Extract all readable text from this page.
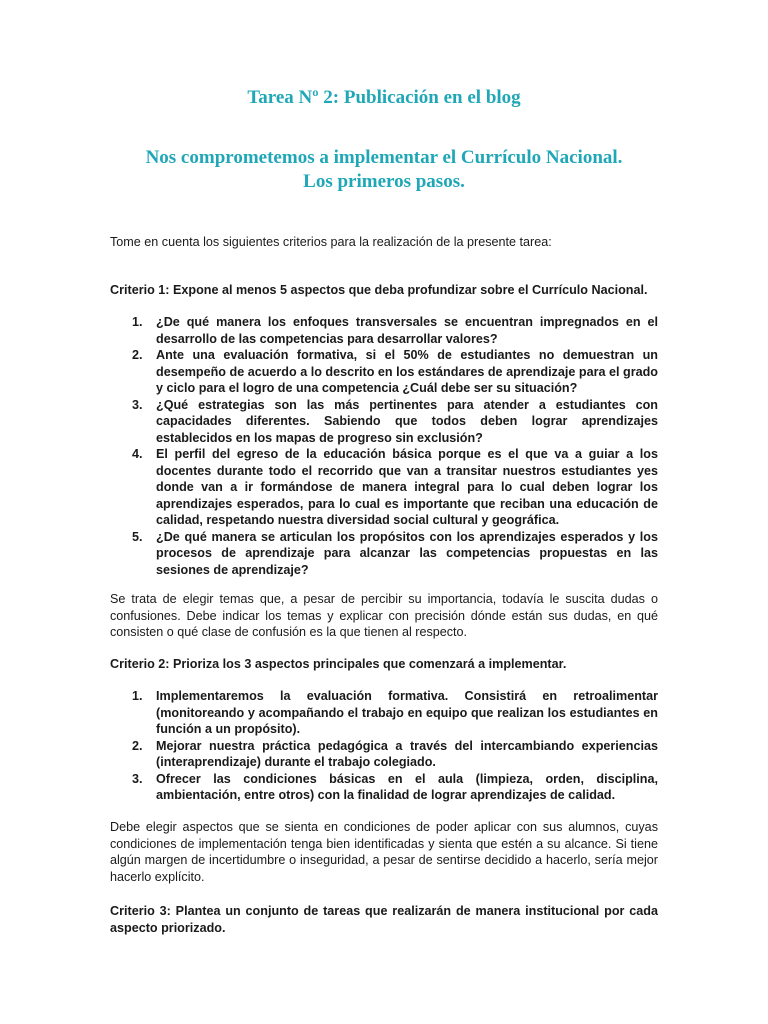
Tarea Nº 2: Publicación en el blog
Nos comprometemos a implementar el Currículo Nacional.
Los primeros pasos.
Tome en cuenta los siguientes criterios para la realización de la presente tarea:
Criterio 1: Expone al menos 5 aspectos que deba profundizar sobre el Currículo Nacional.
1. ¿De qué manera los enfoques transversales se encuentran impregnados en el desarrollo de las competencias para desarrollar valores?
2. Ante una evaluación formativa, si el 50% de estudiantes no demuestran un desempeño de acuerdo a lo descrito en los estándares de aprendizaje para el grado y ciclo para el logro de una competencia ¿Cuál debe ser su situación?
3. ¿Qué estrategias son las más pertinentes para atender a estudiantes con capacidades diferentes. Sabiendo que todos deben lograr aprendizajes establecidos en los mapas de progreso sin exclusión?
4. El perfil del egreso de la educación básica porque es el que va a guiar a los docentes durante todo el recorrido que van a transitar nuestros estudiantes yes donde van a ir formándose de manera integral para lo cual deben lograr los aprendizajes esperados, para lo cual es importante que reciban una educación de calidad, respetando nuestra diversidad social cultural y geográfica.
5. ¿De qué manera se articulan los propósitos con los aprendizajes esperados y los procesos de aprendizaje para alcanzar las competencias propuestas en las sesiones de aprendizaje?
Se trata de elegir temas que, a pesar de percibir su importancia, todavía le suscita dudas o confusiones. Debe indicar los temas y explicar con precisión dónde están sus dudas, en qué consisten o qué clase de confusión es la que tienen al respecto.
Criterio 2: Prioriza los 3 aspectos principales que comenzará a implementar.
1. Implementaremos la evaluación formativa. Consistirá en retroalimentar (monitoreando y acompañando el trabajo en equipo que realizan los estudiantes en función a un propósito).
2. Mejorar nuestra práctica pedagógica a través del intercambiando experiencias (interaprendizaje) durante el trabajo colegiado.
3. Ofrecer las condiciones básicas en el aula (limpieza, orden, disciplina, ambientación, entre otros) con la finalidad de lograr aprendizajes de calidad.
Debe elegir aspectos que se sienta en condiciones de poder aplicar con sus alumnos, cuyas condiciones de implementación tenga bien identificadas y sienta que estén a su alcance. Si tiene algún margen de incertidumbre o inseguridad, a pesar de sentirse decidido a hacerlo, sería mejor hacerlo explícito.
Criterio 3: Plantea un conjunto de tareas que realizarán de manera institucional por cada aspecto priorizado.
